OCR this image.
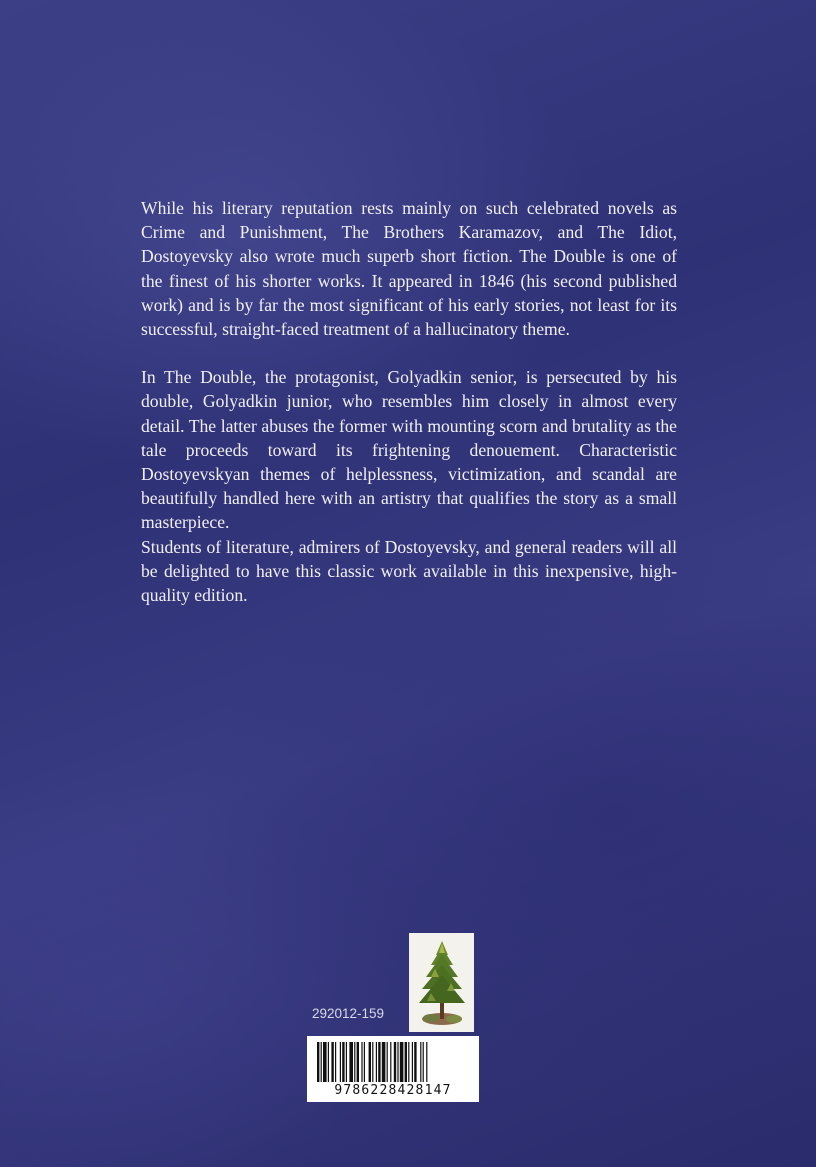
While his literary reputation rests mainly on such celebrated novels as Crime and Punishment, The Brothers Karamazov, and The Idiot, Dostoyevsky also wrote much superb short fiction. The Double is one of the finest of his shorter works. It appeared in 1846 (his second published work) and is by far the most significant of his early stories, not least for its successful, straight-faced treatment of a hallucinatory theme.

In The Double, the protagonist, Golyadkin senior, is persecuted by his double, Golyadkin junior, who resembles him closely in almost every detail. The latter abuses the former with mounting scorn and brutality as the tale proceeds toward its frightening denouement. Characteristic Dostoyevskyan themes of helplessness, victimization, and scandal are beautifully handled here with an artistry that qualifies the story as a small masterpiece.

Students of literature, admirers of Dostoyevsky, and general readers will all be delighted to have this classic work available in this inexpensive, high-quality edition.

292012-159
9786228428147
